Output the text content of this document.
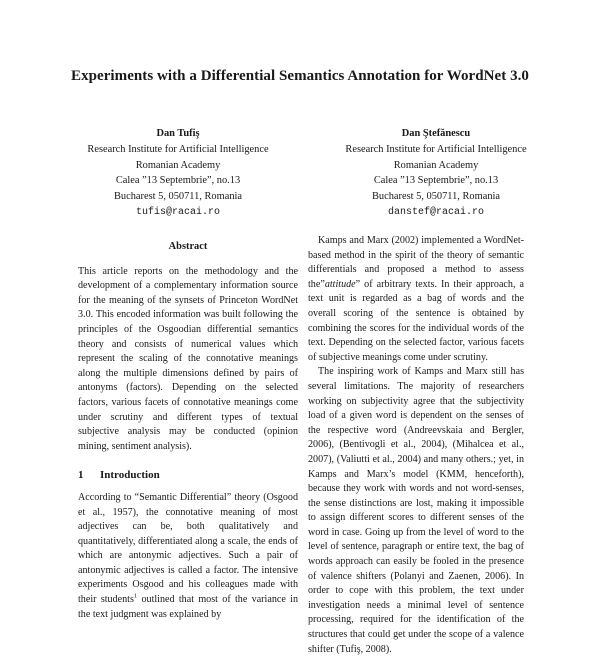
Experiments with a Differential Semantics Annotation for WordNet 3.0
Dan Tufiş
Research Institute for Artificial Intelligence
Romanian Academy
Calea ”13 Septembrie”, no.13
Bucharest 5, 050711, Romania
tufis@racai.ro
Dan Ştefănescu
Research Institute for Artificial Intelligence
Romanian Academy
Calea ”13 Septembrie”, no.13
Bucharest 5, 050711, Romania
danstef@racai.ro
Abstract

This article reports on the methodology and the development of a complementary information source for the meaning of the synsets of Princeton WordNet 3.0. This encoded information was built following the principles of the Osgoodian differential semantics theory and consists of numerical values which represent the scaling of the connotative meanings along the multiple dimensions defined by pairs of antonyms (factors). Depending on the selected factors, various facets of connotative meanings come under scrutiny and different types of textual subjective analysis may be conducted (opinion mining, sentiment analysis).

1 Introduction

According to “Semantic Differential” theory (Osgood et al., 1957), the connotative meaning of most adjectives can be, both qualitatively and quantitatively, differentiated along a scale, the ends of which are antonymic adjectives. Such a pair of antonymic adjectives is called a factor. The intensive experiments Osgood and his colleagues made with their students$^1$ outlined that most of the variance in the text judgment was explained by

Kamps and Marx (2002) implemented a WordNet-based method in the spirit of the theory of semantic differentials and proposed a method to assess the”attitude” of arbitrary texts. In their approach, a text unit is regarded as a bag of words and the overall scoring of the sentence is obtained by combining the scores for the individual words of the text. Depending on the selected factor, various facets of subjective meanings come under scrutiny.

The inspiring work of Kamps and Marx still has several limitations. The majority of researchers working on subjectivity agree that the subjectivity load of a given word is dependent on the senses of the respective word (Andreevskaia and Bergler, 2006), (Bentivogli et al., 2004), (Mihalcea et al., 2007), (Valiutti et al., 2004) and many others.; yet, in Kamps and Marx’s model (KMM, henceforth), because they work with words and not word-senses, the sense distinctions are lost, making it impossible to assign different scores to different senses of the word in case. Going up from the level of word to the level of sentence, paragraph or entire text, the bag of words approach can easily be fooled in the presence of valence shifters (Polanyi and Zaenen, 2006). In order to cope with this problem, the text under investigation needs a minimal level of sentence processing, required for the identification of the structures that could get under the scope of a valence shifter (Tufiş, 2008).
